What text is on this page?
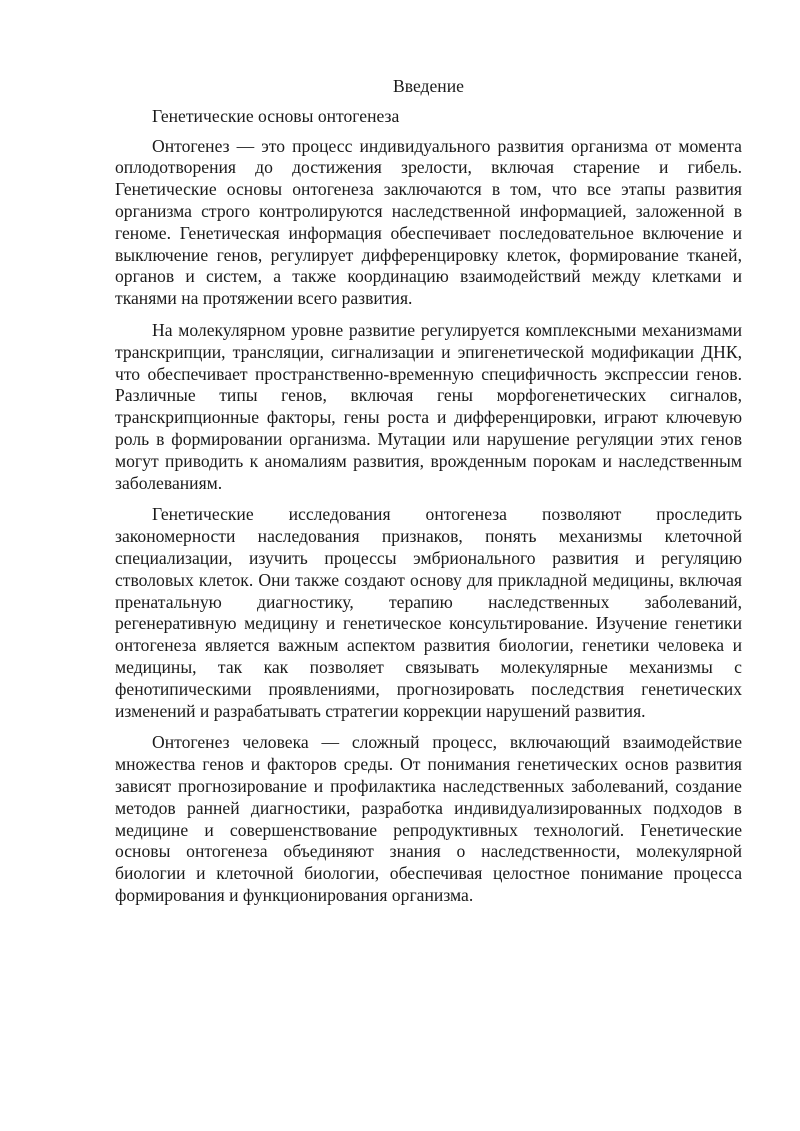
Введение
Генетические основы онтогенеза

Онтогенез — это процесс индивидуального развития организма от момента оплодотворения до достижения зрелости, включая старение и гибель. Генетические основы онтогенеза заключаются в том, что все этапы развития организма строго контролируются наследственной информацией, заложенной в геноме. Генетическая информация обеспечивает последовательное включение и выключение генов, регулирует дифференцировку клеток, формирование тканей, органов и систем, а также координацию взаимодействий между клетками и тканями на протяжении всего развития.

На молекулярном уровне развитие регулируется комплексными механизмами транскрипции, трансляции, сигнализации и эпигенетической модификации ДНК, что обеспечивает пространственно-временную специфичность экспрессии генов. Различные типы генов, включая гены морфогенетических сигналов, транскрипционные факторы, гены роста и дифференцировки, играют ключевую роль в формировании организма. Мутации или нарушение регуляции этих генов могут приводить к аномалиям развития, врожденным порокам и наследственным заболеваниям.

Генетические исследования онтогенеза позволяют проследить закономерности наследования признаков, понять механизмы клеточной специализации, изучить процессы эмбрионального развития и регуляцию стволовых клеток. Они также создают основу для прикладной медицины, включая пренатальную диагностику, терапию наследственных заболеваний, регенеративную медицину и генетическое консультирование. Изучение генетики онтогенеза является важным аспектом развития биологии, генетики человека и медицины, так как позволяет связывать молекулярные механизмы с фенотипическими проявлениями, прогнозировать последствия генетических изменений и разрабатывать стратегии коррекции нарушений развития.

Онтогенез человека — сложный процесс, включающий взаимодействие множества генов и факторов среды. От понимания генетических основ развития зависят прогнозирование и профилактика наследственных заболеваний, создание методов ранней диагностики, разработка индивидуализированных подходов в медицине и совершенствование репродуктивных технологий. Генетические основы онтогенеза объединяют знания о наследственности, молекулярной биологии и клеточной биологии, обеспечивая целостное понимание процесса формирования и функционирования организма.
